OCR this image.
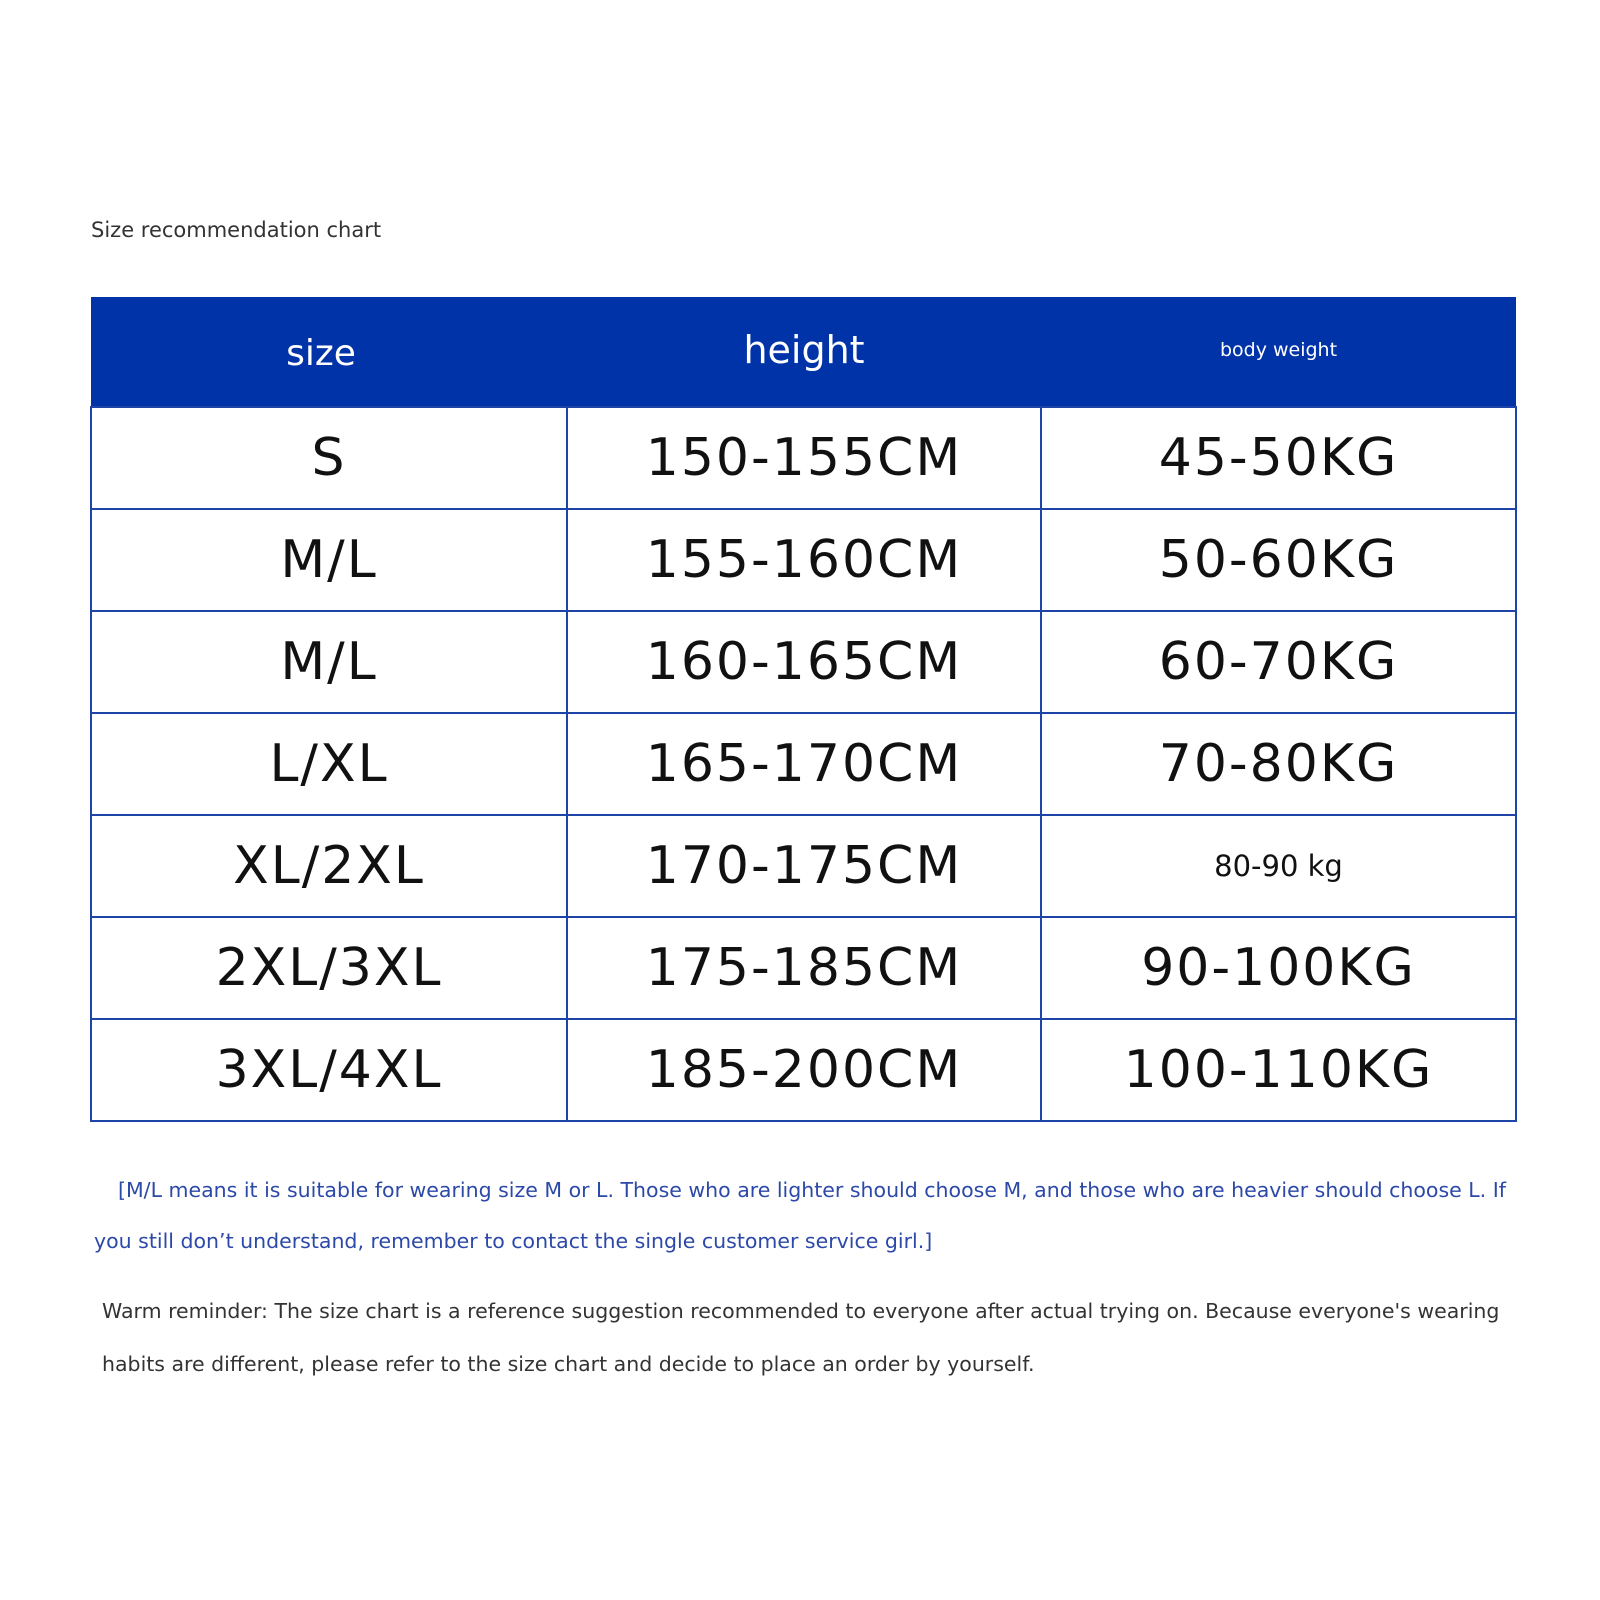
Size recommendation chart
size	height	body weight
S	150-155CM	45-50KG
M/L	155-160CM	50-60KG
M/L	160-165CM	60-70KG
L/XL	165-170CM	70-80KG
XL/2XL	170-175CM	80-90 kg
2XL/3XL	175-185CM	90-100KG
3XL/4XL	185-200CM	100-110KG
[M/L means it is suitable for wearing size M or L. Those who are lighter should choose M, and those who are heavier should choose L. If you still don’t understand, remember to contact the single customer service girl.]
Warm reminder: The size chart is a reference suggestion recommended to everyone after actual trying on. Because everyone's wearing habits are different, please refer to the size chart and decide to place an order by yourself.
